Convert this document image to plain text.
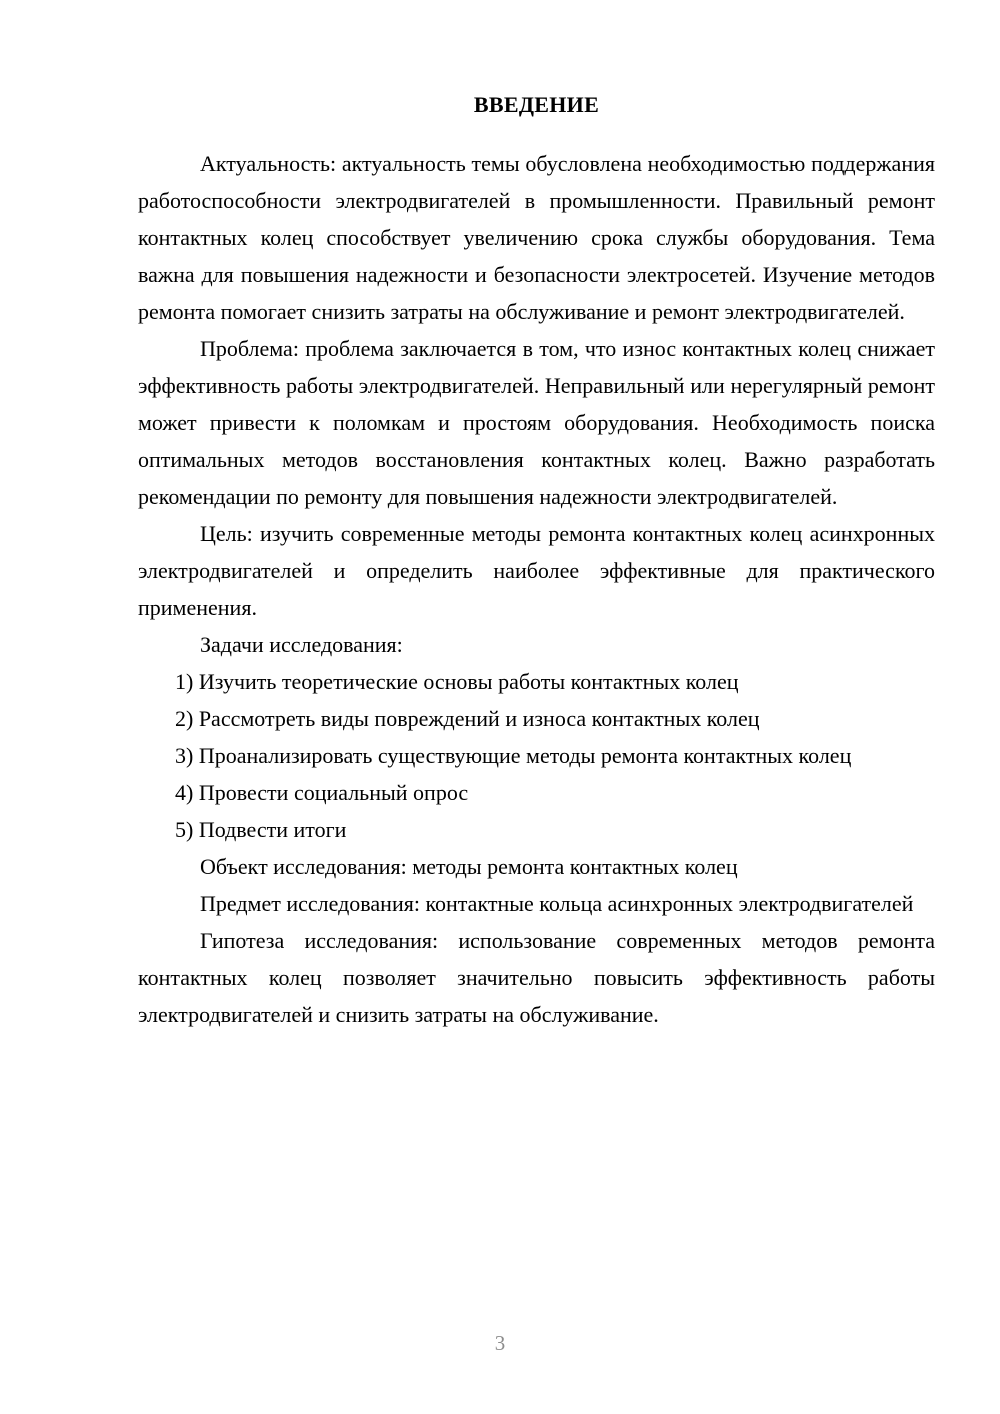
ВВЕДЕНИЕ

Актуальность: актуальность темы обусловлена необходимостью поддержания работоспособности электродвигателей в промышленности. Правильный ремонт контактных колец способствует увеличению срока службы оборудования. Тема важна для повышения надежности и безопасности электросетей. Изучение методов ремонта помогает снизить затраты на обслуживание и ремонт электродвигателей.

Проблема: проблема заключается в том, что износ контактных колец снижает эффективность работы электродвигателей. Неправильный или нерегулярный ремонт может привести к поломкам и простоям оборудования. Необходимость поиска оптимальных методов восстановления контактных колец. Важно разработать рекомендации по ремонту для повышения надежности электродвигателей.

Цель: изучить современные методы ремонта контактных колец асинхронных электродвигателей и определить наиболее эффективные для практического применения.

Задачи исследования:

1) Изучить теоретические основы работы контактных колец

2) Рассмотреть виды повреждений и износа контактных колец

3) Проанализировать существующие методы ремонта контактных колец

4) Провести социальный опрос

5) Подвести итоги

Объект исследования: методы ремонта контактных колец

Предмет исследования: контактные кольца асинхронных электродвигателей

Гипотеза исследования: использование современных методов ремонта контактных колец позволяет значительно повысить эффективность работы электродвигателей и снизить затраты на обслуживание.

3
